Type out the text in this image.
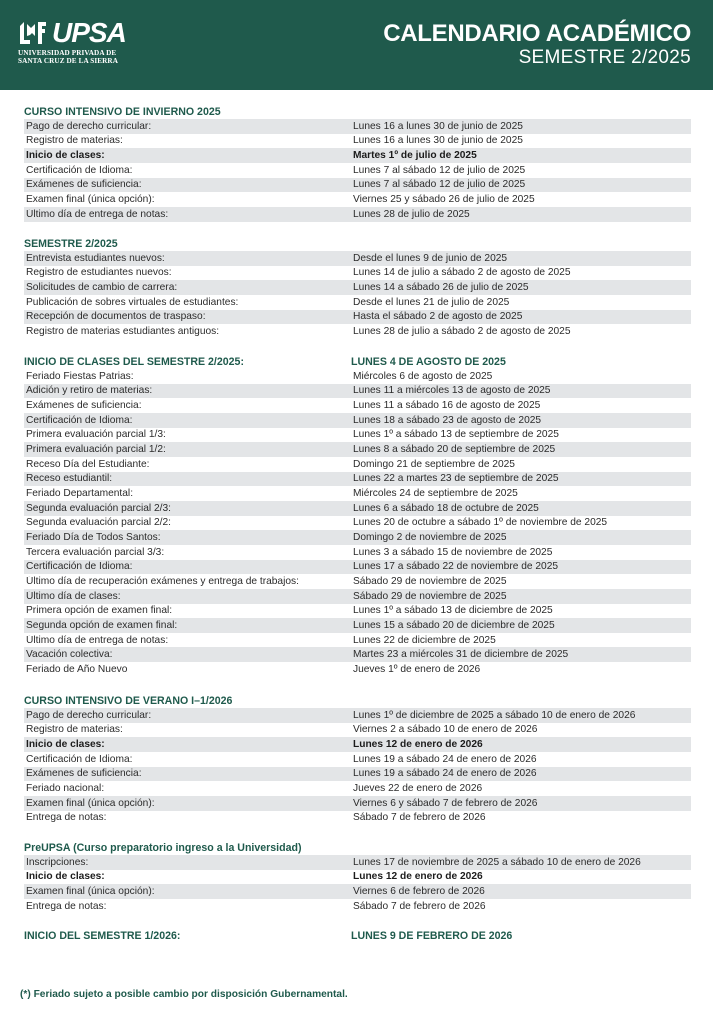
UPSA
UNIVERSIDAD PRIVADA DE
SANTA CRUZ DE LA SIERRA
CALENDARIO ACADÉMICO
SEMESTRE 2/2025
CURSO INTENSIVO DE INVIERNO 2025
Pago de derecho curricular:	Lunes 16 a lunes 30 de junio de 2025
Registro de materias:	Lunes 16 a lunes 30 de junio de 2025
Inicio de clases:	Martes 1º de julio de 2025
Certificación de Idioma:	Lunes 7 al sábado 12 de julio de 2025
Exámenes de suficiencia:	Lunes 7 al sábado 12 de julio de 2025
Examen final (única opción):	Viernes 25 y sábado 26 de julio de 2025
Último día de entrega de notas:	Lunes 28 de julio de 2025
SEMESTRE 2/2025
Entrevista estudiantes nuevos:	Desde el lunes 9 de junio de 2025
Registro de estudiantes nuevos:	Lunes 14 de julio a sábado 2 de agosto de 2025
Solicitudes de cambio de carrera:	Lunes 14 a sábado 26 de julio de 2025
Publicación de sobres virtuales de estudiantes:	Desde el lunes 21 de julio de 2025
Recepción de documentos de traspaso:	Hasta el sábado 2 de agosto de 2025
Registro de materias estudiantes antiguos:	Lunes 28 de julio a sábado 2 de agosto de 2025
INICIO DE CLASES DEL SEMESTRE 2/2025:	LUNES 4 DE AGOSTO DE 2025
Feriado Fiestas Patrias:	Miércoles 6 de agosto de 2025
Adición y retiro de materias:	Lunes 11 a miércoles 13 de agosto de 2025
Exámenes de suficiencia:	Lunes 11 a sábado 16 de agosto de 2025
Certificación de Idioma:	Lunes 18 a sábado 23 de agosto de 2025
Primera evaluación parcial 1/3:	Lunes 1º a sábado 13 de septiembre de 2025
Primera evaluación parcial 1/2:	Lunes 8 a sábado 20 de septiembre de 2025
Receso Día del Estudiante:	Domingo 21 de septiembre de 2025
Receso estudiantil:	Lunes 22 a martes 23 de septiembre de 2025
Feriado Departamental:	Miércoles 24 de septiembre de 2025
Segunda evaluación parcial 2/3:	Lunes 6 a sábado 18 de octubre de 2025
Segunda evaluación parcial 2/2:	Lunes 20 de octubre a sábado 1º de noviembre de 2025
Feriado Día de Todos Santos:	Domingo 2 de noviembre de 2025
Tercera evaluación parcial 3/3:	Lunes 3 a sábado 15 de noviembre de 2025
Certificación de Idioma:	Lunes 17 a sábado 22 de noviembre de 2025
Último día de recuperación exámenes y entrega de trabajos:	Sábado 29 de noviembre de 2025
Último día de clases:	Sábado 29 de noviembre de 2025
Primera opción de examen final:	Lunes 1º a sábado 13 de diciembre de 2025
Segunda opción de examen final:	Lunes 15 a sábado 20 de diciembre de 2025
Último día de entrega de notas:	Lunes 22 de diciembre de 2025
Vacación colectiva:	Martes 23 a miércoles 31 de diciembre de 2025
Feriado de Año Nuevo	Jueves 1º de enero de 2026
CURSO INTENSIVO DE VERANO I–1/2026
Pago de derecho curricular:	Lunes 1º de diciembre de 2025 a sábado 10 de enero de 2026
Registro de materias:	Viernes 2 a sábado 10 de enero de 2026
Inicio de clases:	Lunes 12 de enero de 2026
Certificación de Idioma:	Lunes 19 a sábado 24 de enero de 2026
Exámenes de suficiencia:	Lunes 19 a sábado 24 de enero de 2026
Feriado nacional:	Jueves 22 de enero de 2026
Examen final (única opción):	Viernes 6 y sábado 7 de febrero de 2026
Entrega de notas:	Sábado 7 de febrero de 2026
PreUPSA (Curso preparatorio ingreso a la Universidad)
Inscripciones:	Lunes 17 de noviembre de 2025 a sábado 10 de enero de 2026
Inicio de clases:	Lunes 12 de enero de 2026
Examen final (única opción):	Viernes 6 de febrero de 2026
Entrega de notas:	Sábado 7 de febrero de 2026
INICIO DEL SEMESTRE 1/2026:	LUNES 9 DE FEBRERO DE 2026
(*) Feriado sujeto a posible cambio por disposición Gubernamental.
